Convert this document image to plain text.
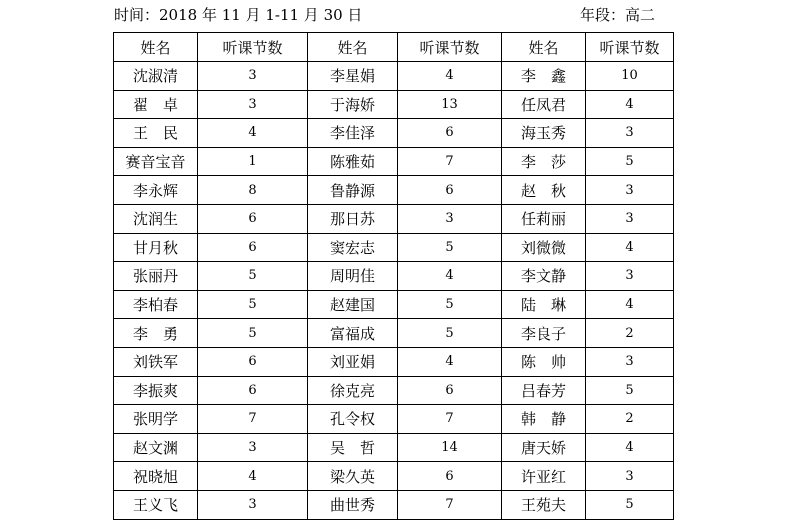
时间：2018 年 11 月 1-11 月 30 日	年段：高二
姓名	听课节数	姓名	听课节数	姓名	听课节数
沈淑清	3	李星娟	4	李　鑫	10
翟　卓	3	于海娇	13	任凤君	4
王　民	4	李佳泽	6	海玉秀	3
赛音宝音	1	陈雅茹	7	李　莎	5
李永辉	8	鲁静源	6	赵　秋	3
沈润生	6	那日苏	3	任莉丽	3
甘月秋	6	窦宏志	5	刘微微	4
张丽丹	5	周明佳	4	李文静	3
李柏春	5	赵建国	5	陆　琳	4
李　勇	5	富福成	5	李良子	2
刘铁军	6	刘亚娟	4	陈　帅	3
李振爽	6	徐克亮	6	吕春芳	5
张明学	7	孔令权	7	韩　静	2
赵文渊	3	吴　哲	14	唐天娇	4
祝晓旭	4	梁久英	6	许亚红	3
王义飞	3	曲世秀	7	王苑夫	5
